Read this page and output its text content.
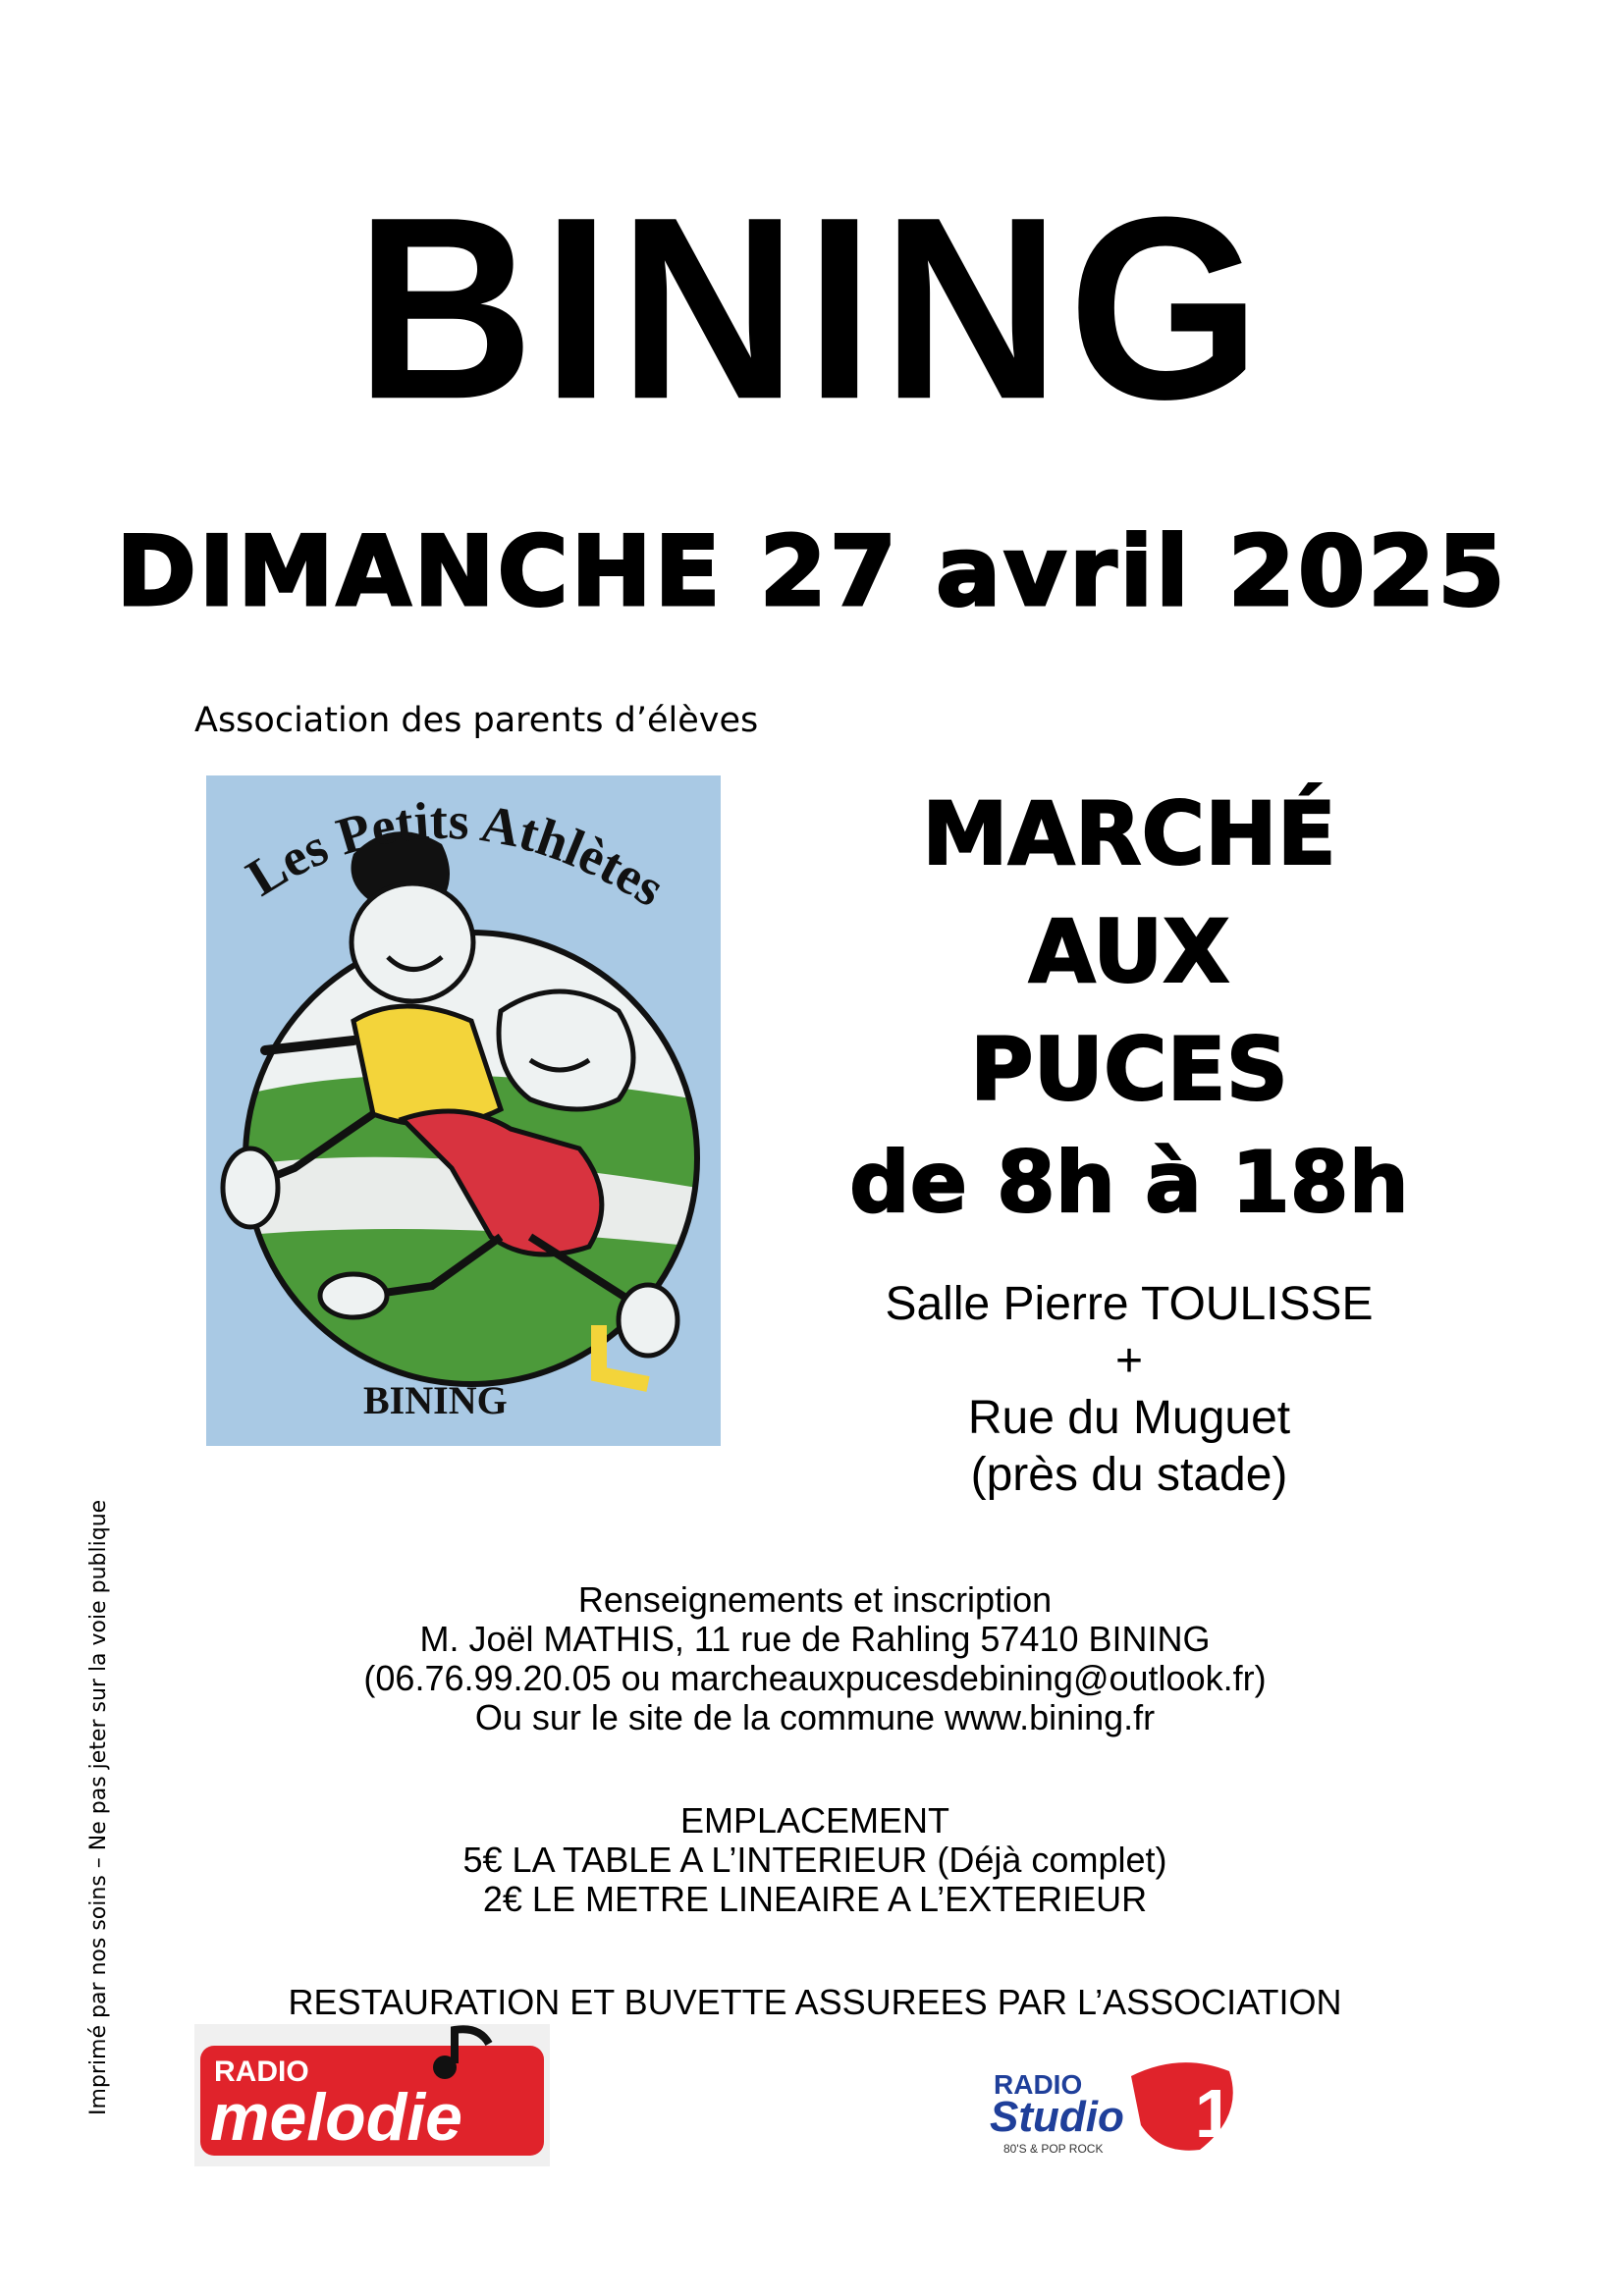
BINING
DIMANCHE 27 avril 2025
Association des parents d’élèves
Les Petits Athlètes
BINING
MARCHÉ
AUX
PUCES
de 8h à 18h
Salle Pierre TOULISSE
+
Rue du Muguet
(près du stade)
Renseignements et inscription
M. Joël MATHIS, 11 rue de Rahling 57410 BINING
(06.76.99.20.05 ou marcheauxpucesdebining@outlook.fr)
Ou sur le site de la commune www.bining.fr
EMPLACEMENT
5€ LA TABLE A L’INTERIEUR (Déjà complet)
2€ LE METRE LINEAIRE A L’EXTERIEUR
RESTAURATION ET BUVETTE ASSUREES PAR L’ASSOCIATION
Imprimé par nos soins – Ne pas jeter sur la voie publique	RADIO
melodie	1
RADIO
Studio
80'S & POP ROCK
